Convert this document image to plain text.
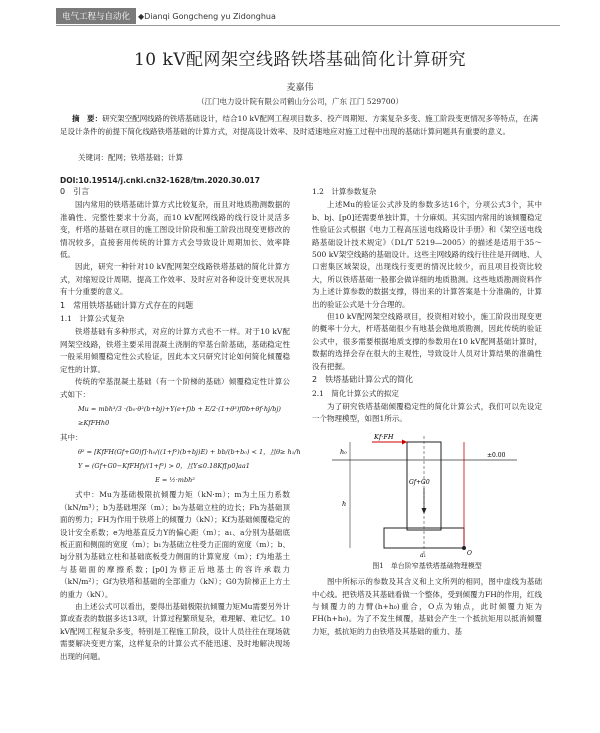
电气工程与自动化	◆Dianqi Gongcheng yu Zidonghua
10 kV配网架空线路铁塔基础简化计算研究
麦嘉伟
（江门电力设计院有限公司鹤山分公司，广东 江门 529700）
摘　要：研究架空配网线路的铁塔基础设计，结合10 kV配网工程项目数多、投产周期短、方案复杂多变、施工阶段变更情况多等特点，在满足设计条件的前提下简化线路铁塔基础的计算方式，对提高设计效率、及时适速地应对施工过程中出现的基础计算问题具有重要的意义。
关键词：配网；铁塔基础；计算
DOI:10.19514/j.cnki.cn32-1628/tm.2020.30.017
0　引言

国内常用的铁塔基础计算方式比较复杂，而且对地质勘测数据的准确性、完整性要求十分高，而10 kV配网线路的线行设计灵活多变，杆塔的基础在项目的施工图设计阶段和施工阶段出现变更修改的情况较多，直接套用传统的计算方式会导致设计周期加长、效率降低。

因此，研究一种针对10 kV配网架空线路铁塔基础的简化计算方式，对缩短设计周期、提高工作效率、及时应对各种设计变更状况具有十分重要的意义。

1　常用铁塔基础计算方式存在的问题
1.1　计算公式复杂

铁塔基础有多种形式，对应的计算方式也不一样。对于10 kV配网架空线路，铁塔主要采用混凝土浇制的窄基台阶基础，基础稳定性一般采用倾覆稳定性公式验证，因此本文只研究讨论如何简化倾覆稳定性的计算。

传统的窄基混凝土基础（有一个阶梯的基础）倾覆稳定性计算公式如下：

Mu = mbh³/3 ·(b₀·θ²(b+bj)+Y(e+f)b + E/2·(1+θ³)f0b+θf·hj/bj)
≥KfFHh0
其中：
θ² = [KfFH(Gf+G0)f]·h₀/((1+f²)(b+bj)E) + bb/(b+b₀) < 1，且θ≥ h₁/h
Y = (Gf+G0−KfFHf)/(1+f²) > 0，且Y≤0.18Kf[p0]aa1
E = ½·mbh²

式中：Mu为基础极限抗倾覆力矩（kN·m）；m为土压力系数（kN/m³）；b为基础埋深（m）；b₀为基础立柱的边长；Fh为基础顶面的剪力；FH为作用于铁塔上的倾覆力（kN）；Kf为基础倾覆稳定的设计安全系数；e为地基直反力Y的偏心距（m）；a₁、a分别为基础底板正面和侧面的宽度（m）；b₁为基础立柱受力正面的宽度（m）；b、bj分别为基础立柱和基础底板受力侧面的计算宽度（m）；f为地基土与基础面的摩擦系数；[p0]为修正后地基土的容许承载力（kN/m²）；Gf为铁塔和基础的全部重力（kN）；G0为阶梯正上方土的重力（kN）。

由上述公式可以看出，要得出基础极限抗倾覆力矩Mu需要另外计算或查表的数据多达13项，计算过程繁琐复杂，难理解、难记忆。10 kV配网工程复杂多变，特别是工程施工阶段，设计人员往往在现场就需要解决变更方案，这样复杂的计算公式不能迅速、及时地解决现场出现的问题。

1.2　计算参数复杂

上述Mu的验证公式涉及的参数多达16个，分项公式3个，其中b、bj、[p0]还需要单独计算，十分麻烦。其实国内常用的该倾覆稳定性验证公式根据《电力工程高压送电线路设计手册》和《架空送电线路基础设计技术规定》（DL/T 5219—2005）的描述是适用于35～500 kV架空线路的基础设计。这些主网线路的线行往往是开阔地、人口密集区域架设，出现线行变更的情况比较少，而且项目投资比较大，所以铁塔基础一般都会做详细的地质勘测。这些地质勘测资料作为上述计算参数的数据支撑，得出来的计算答案是十分准确的，计算出的验证公式是十分合理的。

但10 kV配网架空线路项目，投资相对较小，施工阶段出现变更的概率十分大，杆塔基础很少有地基会做地质勘测，因此传统的验证公式中，很多需要根据地质支撑的参数用在10 kV配网基础计算时，数据的选择会存在很大的主观性，导致设计人员对计算结果的准确性没有把握。

2　铁塔基础计算公式的简化
2.1　简化计算公式的拟定

为了研究铁塔基础倾覆稳定性的简化计算公式，我们可以先设定一个物理模型，如图1所示。

Kf·FH
h₀
h
Gf+G0
±0.00
O
a₁
图1　单台阶窄基铁塔基础物理模型

图中所标示的参数及其含义和上文所列的相同，图中虚线为基础中心线。把铁塔及其基础看做一个整体，受到倾覆力FH的作用，红线与倾覆力的力臂(h+h₀)重合，O点为轴点，此时倾覆力矩为FH(h+h₀)。为了不发生倾覆，基础会产生一个抵抗矩用以抵消倾覆力矩，抵抗矩的力由铁塔及其基础的重力、基
